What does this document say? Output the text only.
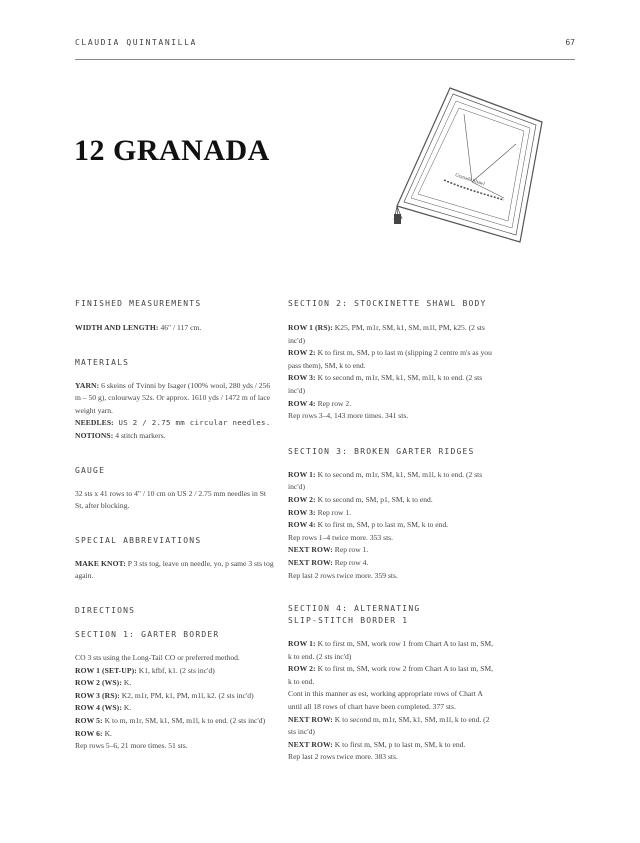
CLAUDIA QUINTANILLA	67
12 GRANADA
Granada Shawl

FINISHED MEASUREMENTS

WIDTH AND LENGTH: 46" / 117 cm.

MATERIALS

YARN: 6 skeins of Tvinni by Isager (100% wool, 280 yds / 256 m – 50 g), colourway 52s. Or approx. 1610 yds / 1472 m of lace weight yarn.
NEEDLES: US 2 / 2.75 mm circular needles.
NOTIONS: 4 stitch markers.

GAUGE

32 sts x 41 rows to 4" / 10 cm on US 2 / 2.75 mm needles in St St, after blocking.

SPECIAL ABBREVIATIONS

MAKE KNOT: P 3 sts tog, leave on needle, yo, p same 3 sts tog again.

DIRECTIONS

SECTION 1: GARTER BORDER

CO 3 sts using the Long-Tail CO or preferred method.
ROW 1 (SET-UP): K1, kfbf, k1. (2 sts inc'd)
ROW 2 (WS): K.
ROW 3 (RS): K2, m1r, PM, k1, PM, m1l, k2. (2 sts inc'd)
ROW 4 (WS): K.
ROW 5: K to m, m1r, SM, k1, SM, m1l, k to end. (2 sts inc'd)
ROW 6: K.
Rep rows 5–6, 21 more times. 51 sts.

SECTION 2: STOCKINETTE SHAWL BODY

ROW 1 (RS): K25, PM, m1r, SM, k1, SM, m1l, PM, k25. (2 sts inc'd)
ROW 2: K to first m, SM, p to last m (slipping 2 centre m's as you pass them), SM, k to end.
ROW 3: K to second m, m1r, SM, k1, SM, m1l, k to end. (2 sts inc'd)
ROW 4: Rep row 2.
Rep rows 3–4, 143 more times. 341 sts.

SECTION 3: BROKEN GARTER RIDGES

ROW 1: K to second m, m1r, SM, k1, SM, m1l, k to end. (2 sts inc'd)
ROW 2: K to second m, SM, p1, SM, k to end.
ROW 3: Rep row 1.
ROW 4: K to first m, SM, p to last m, SM, k to end.
Rep rows 1–4 twice more. 353 sts.
NEXT ROW: Rep row 1.
NEXT ROW: Rep row 4.
Rep last 2 rows twice more. 359 sts.

SECTION 4: ALTERNATING

SLIP-STITCH BORDER 1

ROW 1: K to first m, SM, work row 1 from Chart A to last m, SM, k to end. (2 sts inc'd)
ROW 2: K to first m, SM, work row 2 from Chart A to last m, SM, k to end.
Cont in this manner as est, working appropriate rows of Chart A until all 18 rows of chart have been completed. 377 sts.
NEXT ROW: K to second m, m1r, SM, k1, SM, m1l, k to end. (2 sts inc'd)
NEXT ROW: K to first m, SM, p to last m, SM, k to end.
Rep last 2 rows twice more. 383 sts.
